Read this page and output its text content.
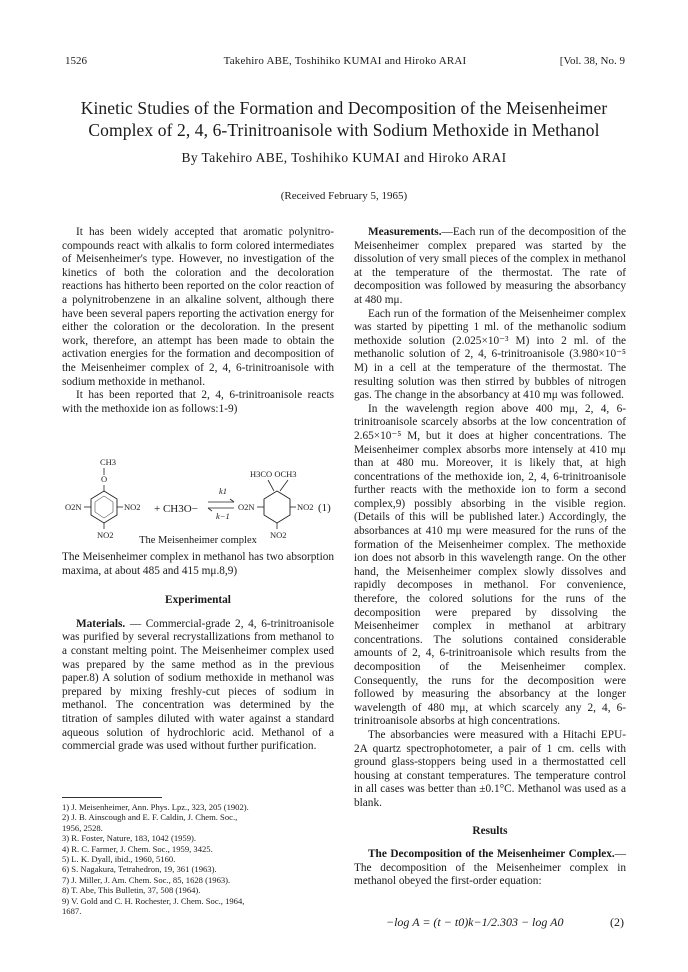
1526	Takehiro ABE, Toshihiko KUMAI and Hiroko ARAI	[Vol. 38, No. 9
Kinetic Studies of the Formation and Decomposition of the Meisenheimer
Complex of 2, 4, 6-Trinitroanisole with Sodium Methoxide in Methanol
By Takehiro ABE, Toshihiko KUMAI and Hiroko ARAI
(Received February 5, 1965)

It has been widely accepted that aromatic polynitro-compounds react with alkalis to form colored intermediates of Meisenheimer's type. However, no investigation of the kinetics of both the coloration and the decoloration reactions has hitherto been reported on the color reaction of a polynitrobenzene in an alkaline solvent, although there have been several papers reporting the activation energy for either the coloration or the decoloration. In the present work, therefore, an attempt has been made to obtain the activation energies for the formation and decomposition of the Meisenheimer complex of 2, 4, 6-trinitroanisole with sodium methoxide in methanol.

It has been reported that 2, 4, 6-trinitroanisole reacts with the methoxide ion as follows:1-9)

CH3
O
O2N	NO2
NO2
+ CH3O−
k1
k−1
H3CO OCH3
O2N	NO2
NO2
(1)
The Meisenheimer complex

The Meisenheimer complex in methanol has two absorption maxima, at about 485 and 415 mμ.8,9)

Experimental

Materials. — Commercial-grade 2, 4, 6-trinitroanisole was purified by several recrystallizations from methanol to a constant melting point. The Meisenheimer complex used was prepared by the same method as in the previous paper.8) A solution of sodium methoxide in methanol was prepared by mixing freshly-cut pieces of sodium in methanol. The concentration was determined by the titration of samples diluted with water against a standard aqueous solution of hydrochloric acid. Methanol of a commercial grade was used without further purification.

1) J. Meisenheimer, Ann. Phys. Lpz., 323, 205 (1902).
2) J. B. Ainscough and E. F. Caldin, J. Chem. Soc.,
1956, 2528.
3) R. Foster, Nature, 183, 1042 (1959).
4) R. C. Farmer, J. Chem. Soc., 1959, 3425.
5) L. K. Dyall, ibid., 1960, 5160.
6) S. Nagakura, Tetrahedron, 19, 361 (1963).
7) J. Miller, J. Am. Chem. Soc., 85, 1628 (1963).
8) T. Abe, This Bulletin, 37, 508 (1964).
9) V. Gold and C. H. Rochester, J. Chem. Soc., 1964,
1687.

Measurements.—Each run of the decomposition of the Meisenheimer complex prepared was started by the dissolution of very small pieces of the complex in methanol at the temperature of the thermostat. The rate of decomposition was followed by measuring the absorbancy at 480 mμ.

Each run of the formation of the Meisenheimer complex was started by pipetting 1 ml. of the methanolic sodium methoxide solution (2.025×10⁻³ M) into 2 ml. of the methanolic solution of 2, 4, 6-trinitroanisole (3.980×10⁻⁵ M) in a cell at the temperature of the thermostat. The resulting solution was then stirred by bubbles of nitrogen gas. The change in the absorbancy at 410 mμ was followed.

In the wavelength region above 400 mμ, 2, 4, 6-trinitroanisole scarcely absorbs at the low concentration of 2.65×10⁻⁵ M, but it does at higher concentrations. The Meisenheimer complex absorbs more intensely at 410 mμ than at 480 mu. Moreover, it is likely that, at high concentrations of the methoxide ion, 2, 4, 6-trinitroanisole further reacts with the methoxide ion to form a second complex,9) possibly absorbing in the visible region. (Details of this will be published later.) Accordingly, the absorbances at 410 mμ were measured for the runs of the formation of the Meisenheimer complex. The methoxide ion does not absorb in this wavelength range. On the other hand, the Meisenheimer complex slowly dissolves and rapidly decomposes in methanol. For convenience, therefore, the colored solutions for the runs of the decomposition were prepared by dissolving the Meisenheimer complex in methanol at arbitrary concentrations. The solutions contained considerable amounts of 2, 4, 6-trinitroanisole which results from the decomposition of the Meisenheimer complex. Consequently, the runs for the decomposition were followed by measuring the absorbancy at the longer wavelength of 480 mμ, at which scarcely any 2, 4, 6-trinitroanisole absorbs at high concentrations.

The absorbancies were measured with a Hitachi EPU-2A quartz spectrophotometer, a pair of 1 cm. cells with ground glass-stoppers being used in a thermostatted cell housing at constant temperatures. The temperature control in all cases was better than ±0.1°C. Methanol was used as a blank.

Results

The Decomposition of the Meisenheimer Complex.—The decomposition of the Meisenheimer complex in methanol obeyed the first-order equation:

−log A = (t − t0)k−1/2.303 − log A0	(2)
